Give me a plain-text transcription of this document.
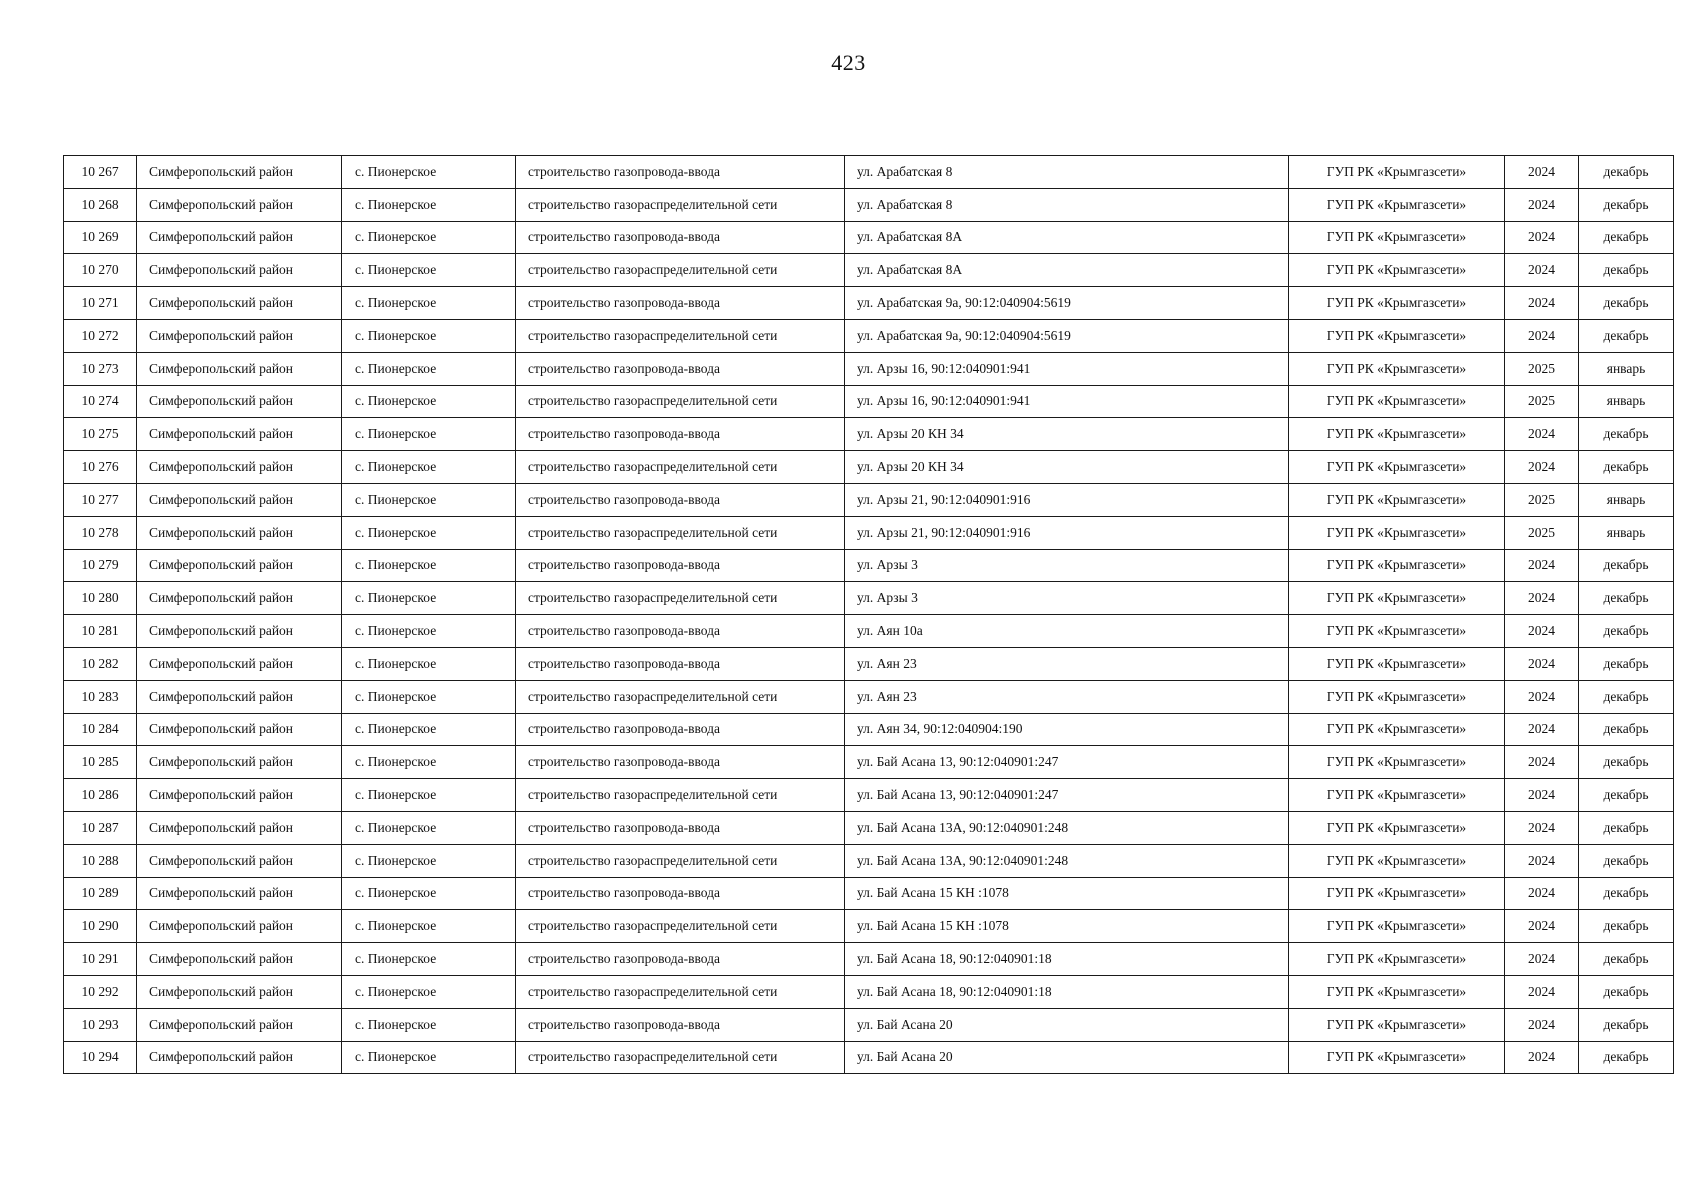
423
10 267	Симферопольский район	с. Пионерское	строительство газопровода-ввода	ул. Арабатская 8	ГУП РК «Крымгазсети»	2024	декабрь
10 268	Симферопольский район	с. Пионерское	строительство газораспределительной сети	ул. Арабатская 8	ГУП РК «Крымгазсети»	2024	декабрь
10 269	Симферопольский район	с. Пионерское	строительство газопровода-ввода	ул. Арабатская 8А	ГУП РК «Крымгазсети»	2024	декабрь
10 270	Симферопольский район	с. Пионерское	строительство газораспределительной сети	ул. Арабатская 8А	ГУП РК «Крымгазсети»	2024	декабрь
10 271	Симферопольский район	с. Пионерское	строительство газопровода-ввода	ул. Арабатская 9а, 90:12:040904:5619	ГУП РК «Крымгазсети»	2024	декабрь
10 272	Симферопольский район	с. Пионерское	строительство газораспределительной сети	ул. Арабатская 9а, 90:12:040904:5619	ГУП РК «Крымгазсети»	2024	декабрь
10 273	Симферопольский район	с. Пионерское	строительство газопровода-ввода	ул. Арзы 16, 90:12:040901:941	ГУП РК «Крымгазсети»	2025	январь
10 274	Симферопольский район	с. Пионерское	строительство газораспределительной сети	ул. Арзы 16, 90:12:040901:941	ГУП РК «Крымгазсети»	2025	январь
10 275	Симферопольский район	с. Пионерское	строительство газопровода-ввода	ул. Арзы 20 КН 34	ГУП РК «Крымгазсети»	2024	декабрь
10 276	Симферопольский район	с. Пионерское	строительство газораспределительной сети	ул. Арзы 20 КН 34	ГУП РК «Крымгазсети»	2024	декабрь
10 277	Симферопольский район	с. Пионерское	строительство газопровода-ввода	ул. Арзы 21, 90:12:040901:916	ГУП РК «Крымгазсети»	2025	январь
10 278	Симферопольский район	с. Пионерское	строительство газораспределительной сети	ул. Арзы 21, 90:12:040901:916	ГУП РК «Крымгазсети»	2025	январь
10 279	Симферопольский район	с. Пионерское	строительство газопровода-ввода	ул. Арзы 3	ГУП РК «Крымгазсети»	2024	декабрь
10 280	Симферопольский район	с. Пионерское	строительство газораспределительной сети	ул. Арзы 3	ГУП РК «Крымгазсети»	2024	декабрь
10 281	Симферопольский район	с. Пионерское	строительство газопровода-ввода	ул. Аян 10а	ГУП РК «Крымгазсети»	2024	декабрь
10 282	Симферопольский район	с. Пионерское	строительство газопровода-ввода	ул. Аян 23	ГУП РК «Крымгазсети»	2024	декабрь
10 283	Симферопольский район	с. Пионерское	строительство газораспределительной сети	ул. Аян 23	ГУП РК «Крымгазсети»	2024	декабрь
10 284	Симферопольский район	с. Пионерское	строительство газопровода-ввода	ул. Аян 34, 90:12:040904:190	ГУП РК «Крымгазсети»	2024	декабрь
10 285	Симферопольский район	с. Пионерское	строительство газопровода-ввода	ул. Бай Асана 13, 90:12:040901:247	ГУП РК «Крымгазсети»	2024	декабрь
10 286	Симферопольский район	с. Пионерское	строительство газораспределительной сети	ул. Бай Асана 13, 90:12:040901:247	ГУП РК «Крымгазсети»	2024	декабрь
10 287	Симферопольский район	с. Пионерское	строительство газопровода-ввода	ул. Бай Асана 13А, 90:12:040901:248	ГУП РК «Крымгазсети»	2024	декабрь
10 288	Симферопольский район	с. Пионерское	строительство газораспределительной сети	ул. Бай Асана 13А, 90:12:040901:248	ГУП РК «Крымгазсети»	2024	декабрь
10 289	Симферопольский район	с. Пионерское	строительство газопровода-ввода	ул. Бай Асана 15 КН :1078	ГУП РК «Крымгазсети»	2024	декабрь
10 290	Симферопольский район	с. Пионерское	строительство газораспределительной сети	ул. Бай Асана 15 КН :1078	ГУП РК «Крымгазсети»	2024	декабрь
10 291	Симферопольский район	с. Пионерское	строительство газопровода-ввода	ул. Бай Асана 18, 90:12:040901:18	ГУП РК «Крымгазсети»	2024	декабрь
10 292	Симферопольский район	с. Пионерское	строительство газораспределительной сети	ул. Бай Асана 18, 90:12:040901:18	ГУП РК «Крымгазсети»	2024	декабрь
10 293	Симферопольский район	с. Пионерское	строительство газопровода-ввода	ул. Бай Асана 20	ГУП РК «Крымгазсети»	2024	декабрь
10 294	Симферопольский район	с. Пионерское	строительство газораспределительной сети	ул. Бай Асана 20	ГУП РК «Крымгазсети»	2024	декабрь
